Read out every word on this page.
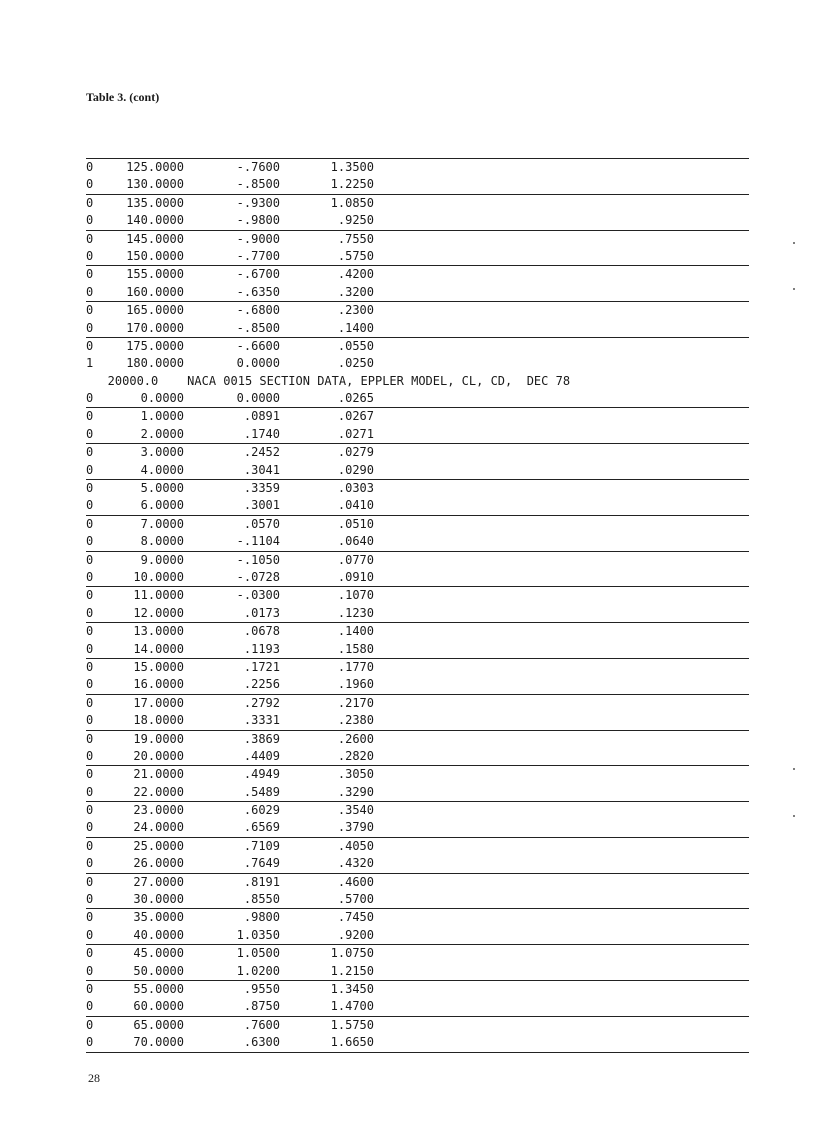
Table 3. (cont)
0	125.0000	-.7600	1.3500
0	130.0000	-.8500	1.2250
0	135.0000	-.9300	1.0850
0	140.0000	-.9800	.9250
0	145.0000	-.9000	.7550
0	150.0000	-.7700	.5750
0	155.0000	-.6700	.4200
0	160.0000	-.6350	.3200
0	165.0000	-.6800	.2300
0	170.0000	-.8500	.1400
0	175.0000	-.6600	.0550
1	180.0000	0.0000	.0250
20000.0    NACA 0015 SECTION DATA, EPPLER MODEL, CL, CD,  DEC 78
0	0.0000	0.0000	.0265
0	1.0000	.0891	.0267
0	2.0000	.1740	.0271
0	3.0000	.2452	.0279
0	4.0000	.3041	.0290
0	5.0000	.3359	.0303
0	6.0000	.3001	.0410
0	7.0000	.0570	.0510
0	8.0000	-.1104	.0640
0	9.0000	-.1050	.0770
0	10.0000	-.0728	.0910
0	11.0000	-.0300	.1070
0	12.0000	.0173	.1230
0	13.0000	.0678	.1400
0	14.0000	.1193	.1580
0	15.0000	.1721	.1770
0	16.0000	.2256	.1960
0	17.0000	.2792	.2170
0	18.0000	.3331	.2380
0	19.0000	.3869	.2600
0	20.0000	.4409	.2820
0	21.0000	.4949	.3050
0	22.0000	.5489	.3290
0	23.0000	.6029	.3540
0	24.0000	.6569	.3790
0	25.0000	.7109	.4050
0	26.0000	.7649	.4320
0	27.0000	.8191	.4600
0	30.0000	.8550	.5700
0	35.0000	.9800	.7450
0	40.0000	1.0350	.9200
0	45.0000	1.0500	1.0750
0	50.0000	1.0200	1.2150
0	55.0000	.9550	1.3450
0	60.0000	.8750	1.4700
0	65.0000	.7600	1.5750
0	70.0000	.6300	1.6650
28
